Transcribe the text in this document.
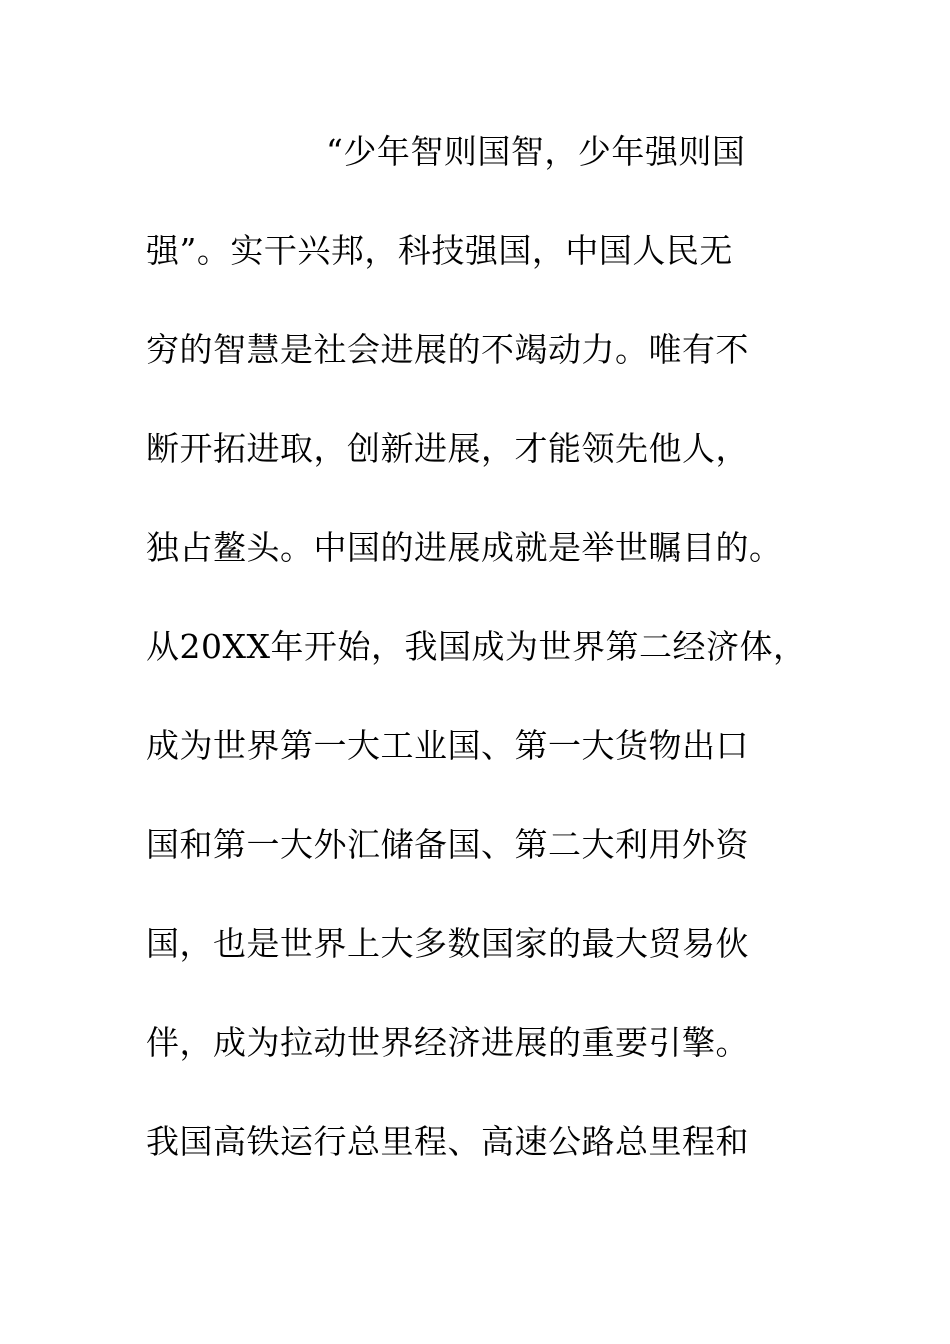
“少年智则国智，少年强则国
强”。实干兴邦，科技强国，中国人民无
穷的智慧是社会进展的不竭动力。唯有不
断开拓进取，创新进展，才能领先他人，
独占鳌头。中国的进展成就是举世瞩目的。
从20XX年开始，我国成为世界第二经济体，
成为世界第一大工业国、第一大货物出口
国和第一大外汇储备国、第二大利用外资
国，也是世界上大多数国家的最大贸易伙
伴，成为拉动世界经济进展的重要引擎。
我国高铁运行总里程、高速公路总里程和
